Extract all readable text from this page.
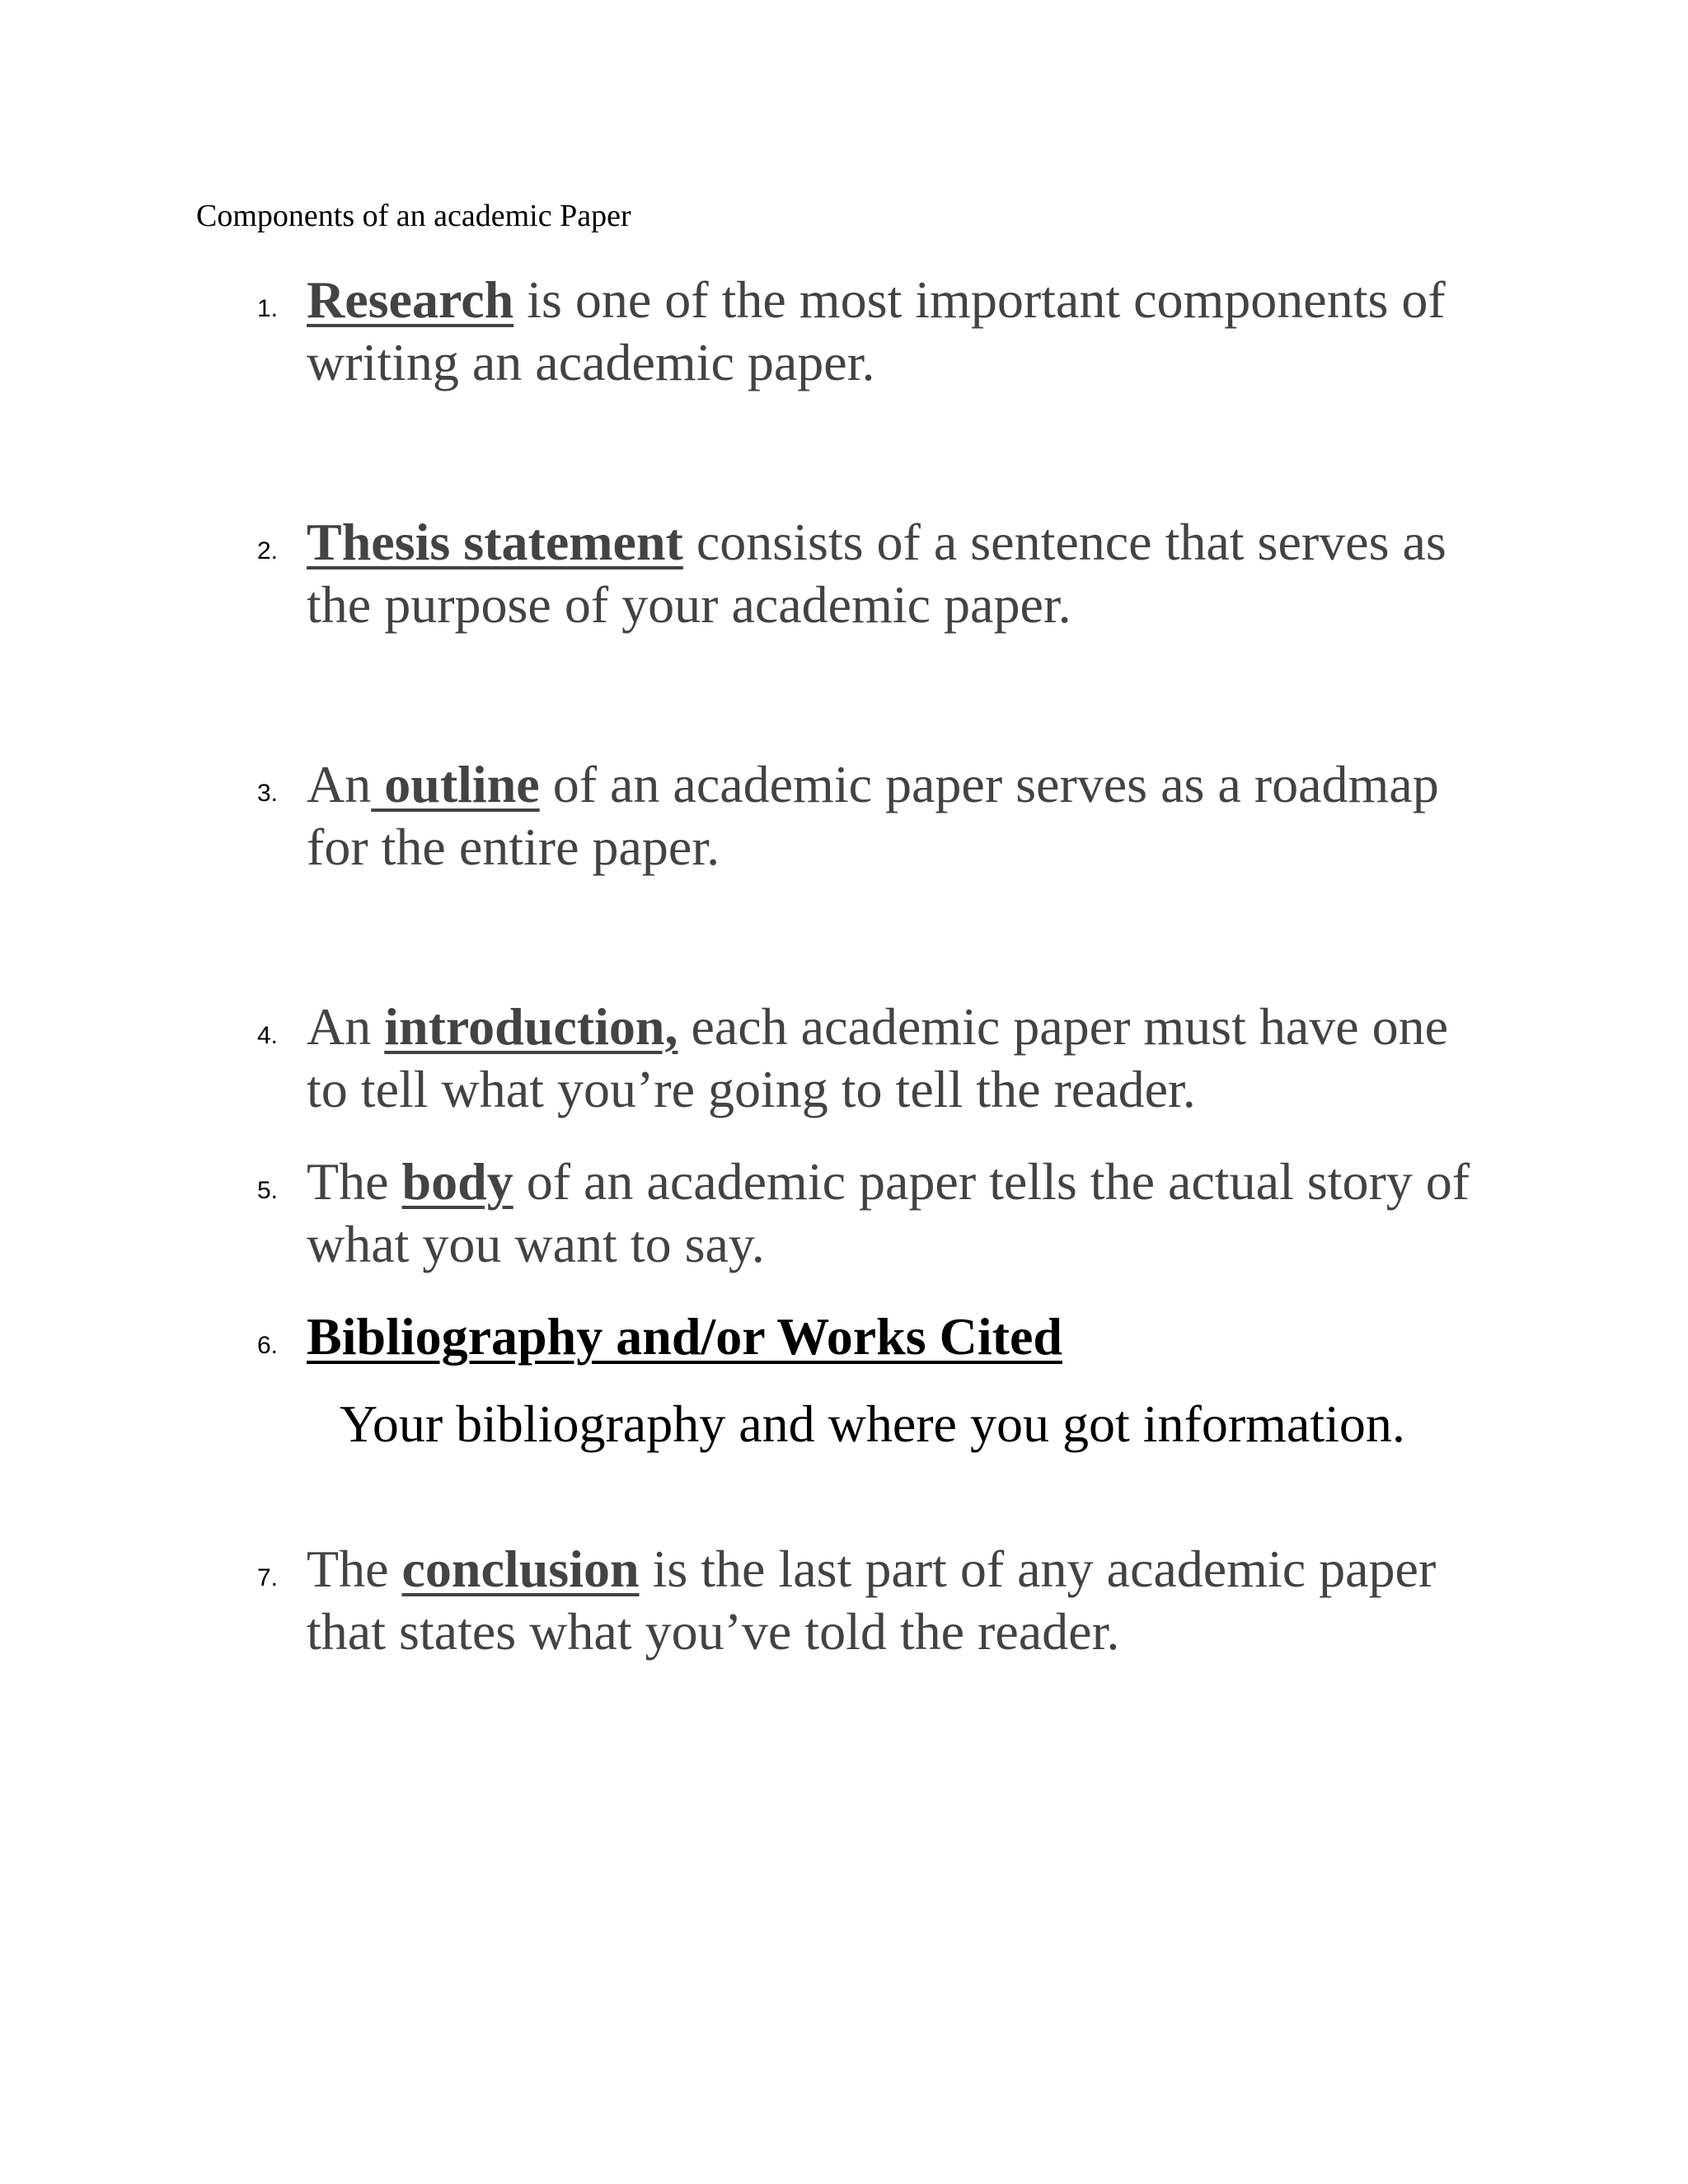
Components of an academic Paper
1. Research is one of the most important components of writing an academic paper.
2. Thesis statement consists of a sentence that serves as the purpose of your academic paper.
3. An outline of an academic paper serves as a roadmap for the entire paper.
4. An introduction, each academic paper must have one to tell what you’re going to tell the reader.
5. The body of an academic paper tells the actual story of what you want to say.
6. Bibliography and/or Works Cited
Your bibliography and where you got information.
7. The conclusion is the last part of any academic paper that states what you’ve told the reader.
